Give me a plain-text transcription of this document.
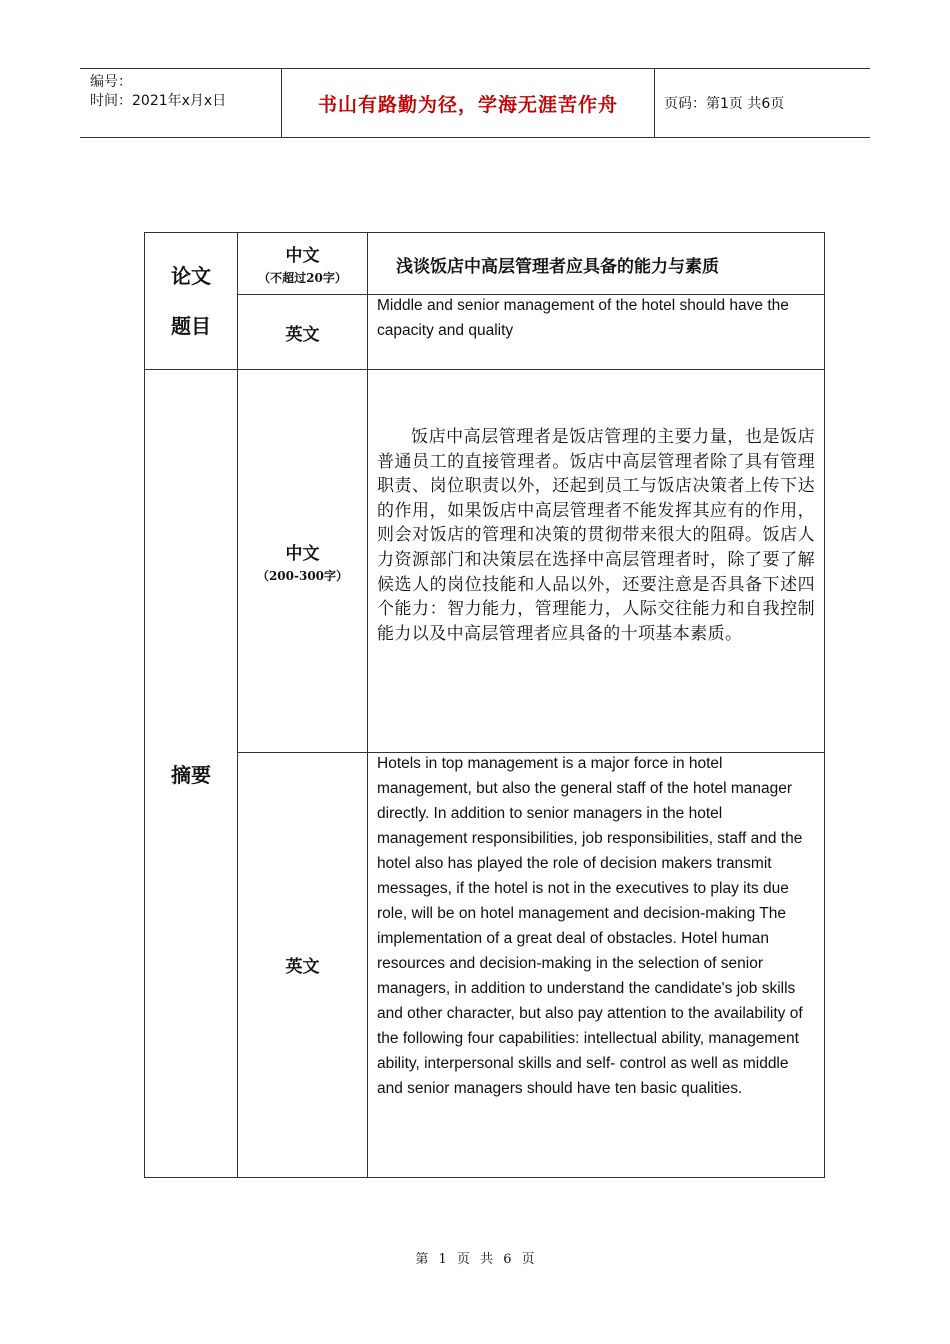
编号：
时间：2021年x月x日	书山有路勤为径，学海无涯苦作舟	页码：第1页 共6页
论文
题目
中文
（不超过20字）
浅谈饭店中高层管理者应具备的能力与素质
英文
Middle and senior management of the hotel should have the capacity and quality
摘要
中文
（200-300字）
饭店中高层管理者是饭店管理的主要力量，也是饭店普通员工的直接管理者。饭店中高层管理者除了具有管理职责、岗位职责以外，还起到员工与饭店决策者上传下达的作用，如果饭店中高层管理者不能发挥其应有的作用，则会对饭店的管理和决策的贯彻带来很大的阻碍。饭店人力资源部门和决策层在选择中高层管理者时，除了要了解候选人的岗位技能和人品以外，还要注意是否具备下述四个能力：智力能力，管理能力，人际交往能力和自我控制能力以及中高层管理者应具备的十项基本素质。
英文
Hotels in top management is a major force in hotel management, but also the general staff of the hotel manager directly. In addition to senior managers in the hotel management responsibilities, job responsibilities, staff and the hotel also has played the role of decision makers transmit messages, if the hotel is not in the executives to play its due role, will be on hotel management and decision-making The implementation of a great deal of obstacles. Hotel human resources and decision-making in the selection of senior managers, in addition to understand the candidate's job skills and other character, but also pay attention to the availability of the following four capabilities: intellectual ability, management ability, interpersonal skills and self- control as well as middle and senior managers should have ten basic qualities.
第 1 页 共 6 页
